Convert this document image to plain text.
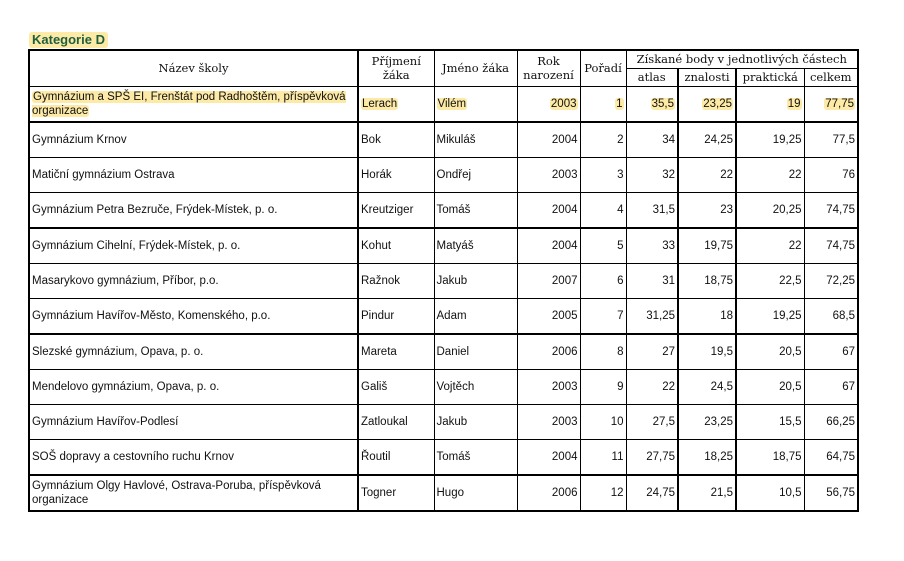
Kategorie D
Název školy	Příjmení žáka	Jméno žáka	Rok narození	Pořadí	Získané body v jednotlivých částech			
					atlas	znalosti	praktická	celkem
Gymnázium a SPŠ EI, Frenštát pod Radhoštěm, příspěvková organizace	Lerach	Vilém	2003	1	35,5	23,25	19	77,75
Gymnázium Krnov	Bok	Mikuláš	2004	2	34	24,25	19,25	77,5
Matiční gymnázium Ostrava	Horák	Ondřej	2003	3	32	22	22	76
Gymnázium Petra Bezruče, Frýdek-Místek, p. o.	Kreutziger	Tomáš	2004	4	31,5	23	20,25	74,75
Gymnázium Cihelní, Frýdek-Místek, p. o.	Kohut	Matyáš	2004	5	33	19,75	22	74,75
Masarykovo gymnázium, Příbor, p.o.	Ražnok	Jakub	2007	6	31	18,75	22,5	72,25
Gymnázium Havířov-Město, Komenského, p.o.	Pindur	Adam	2005	7	31,25	18	19,25	68,5
Slezské gymnázium, Opava, p. o.	Mareta	Daniel	2006	8	27	19,5	20,5	67
Mendelovo gymnázium, Opava, p. o.	Gališ	Vojtěch	2003	9	22	24,5	20,5	67
Gymnázium Havířov-Podlesí	Zatloukal	Jakub	2003	10	27,5	23,25	15,5	66,25
SOŠ dopravy a cestovního ruchu Krnov	Řoutil	Tomáš	2004	11	27,75	18,25	18,75	64,75
Gymnázium Olgy Havlové, Ostrava-Poruba, příspěvková organizace	Togner	Hugo	2006	12	24,75	21,5	10,5	56,75
